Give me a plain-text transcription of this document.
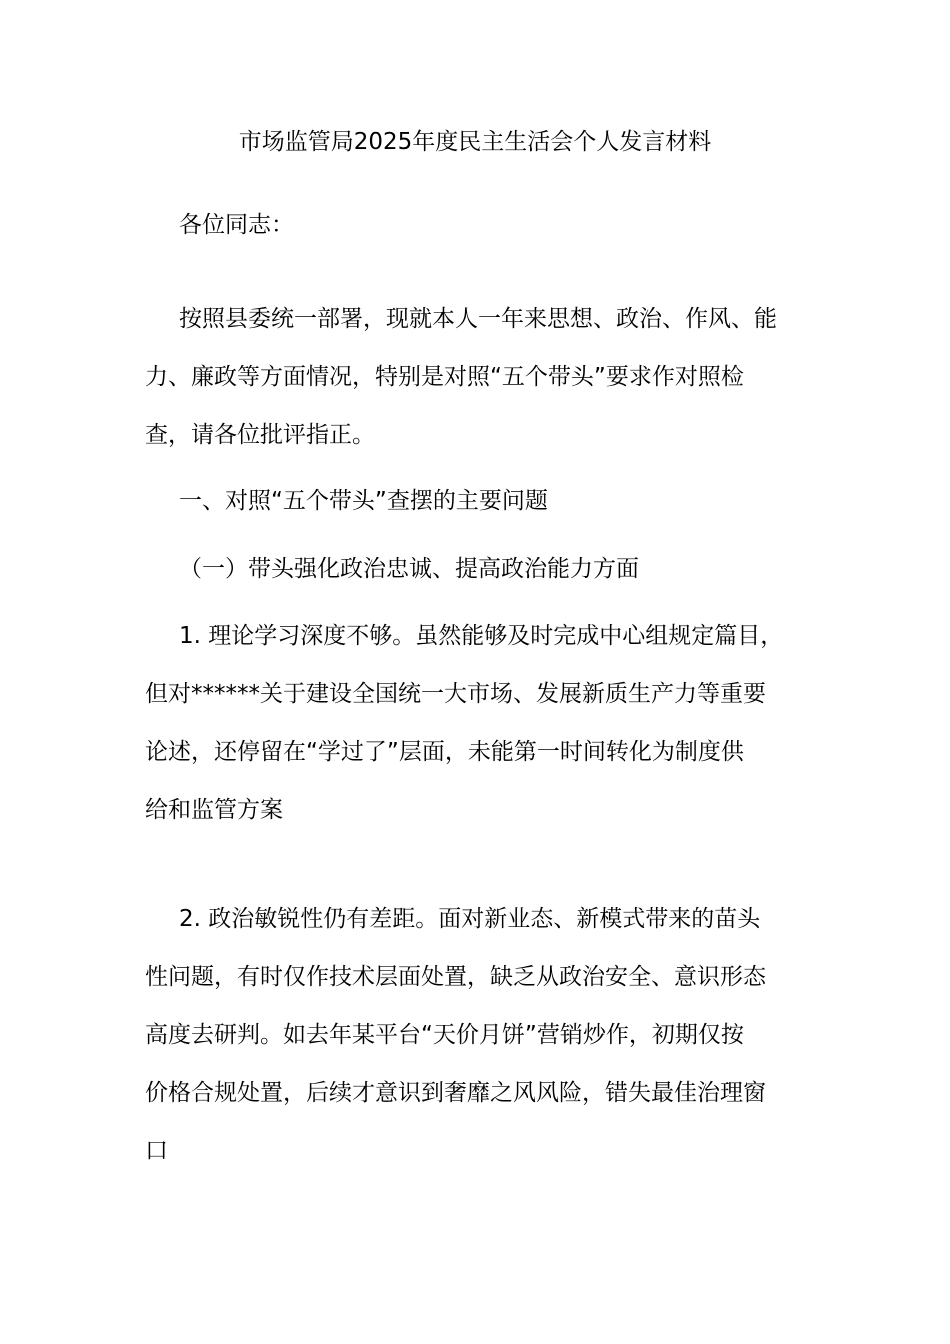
市场监管局2025年度民主生活会个人发言材料
各位同志：
按照县委统一部署，现就本人一年来思想、政治、作风、能
力、廉政等方面情况，特别是对照“五个带头”要求作对照检
查，请各位批评指正。
一、对照“五个带头”查摆的主要问题
（一）带头强化政治忠诚、提高政治能力方面
1. 理论学习深度不够。虽然能够及时完成中心组规定篇目，
但对******关于建设全国统一大市场、发展新质生产力等重要
论述，还停留在“学过了”层面，未能第一时间转化为制度供
给和监管方案
2. 政治敏锐性仍有差距。面对新业态、新模式带来的苗头
性问题，有时仅作技术层面处置，缺乏从政治安全、意识形态
高度去研判。如去年某平台“天价月饼”营销炒作，初期仅按
价格合规处置，后续才意识到奢靡之风风险，错失最佳治理窗
口
